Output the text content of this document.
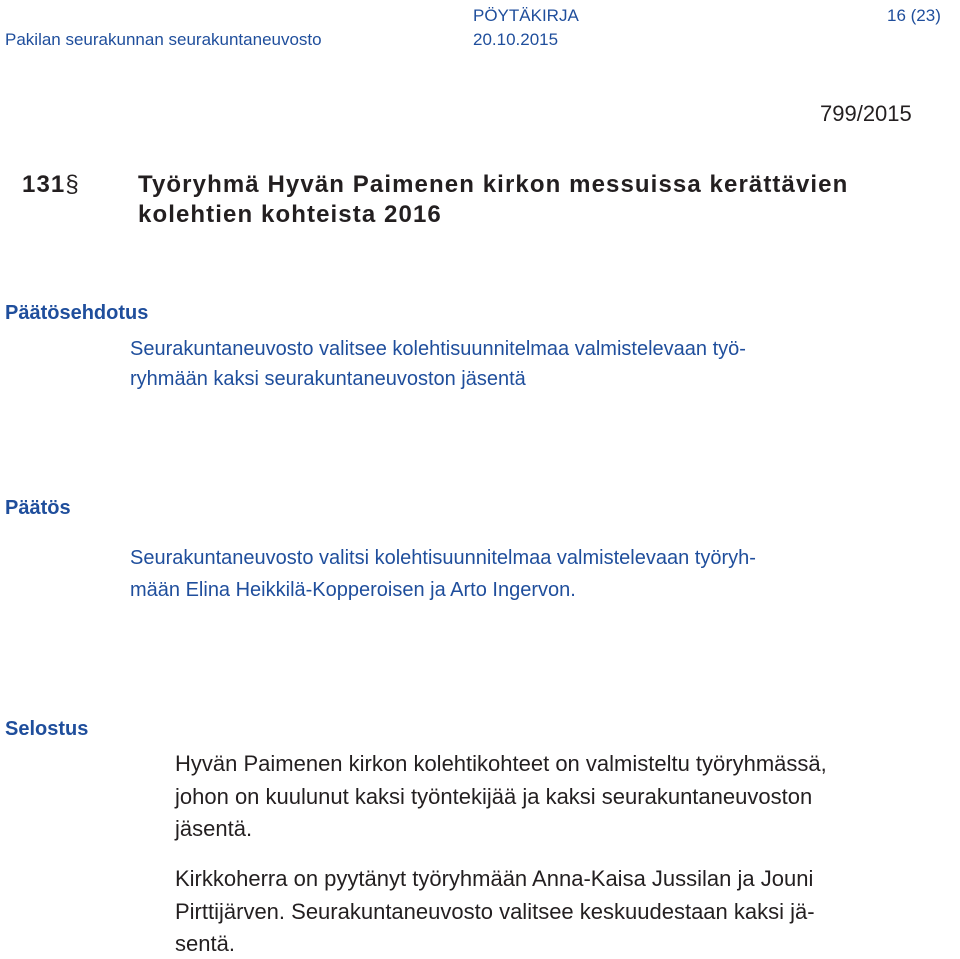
Pakilan seurakunnan seurakuntaneuvosto
PÖYTÄKIRJA
20.10.2015
16 (23)
799/2015
131§ Työryhmä Hyvän Paimenen kirkon messuissa kerättävien
kolehtien kohteista 2016
Päätösehdotus
Seurakuntaneuvosto valitsee kolehtisuunnitelmaa valmistelevaan työ-
ryhmään kaksi seurakuntaneuvoston jäsentä
Päätös
Seurakuntaneuvosto valitsi kolehtisuunnitelmaa valmistelevaan työryh-
mään Elina Heikkilä-Kopperoisen ja Arto Ingervon.
Selostus
Hyvän Paimenen kirkon kolehtikohteet on valmisteltu työryhmässä,
johon on kuulunut kaksi työntekijää ja kaksi seurakuntaneuvoston
jäsentä.
Kirkkoherra on pyytänyt työryhmään Anna-Kaisa Jussilan ja Jouni
Pirttijärven. Seurakuntaneuvosto valitsee keskuudestaan kaksi jä-
sentä.
